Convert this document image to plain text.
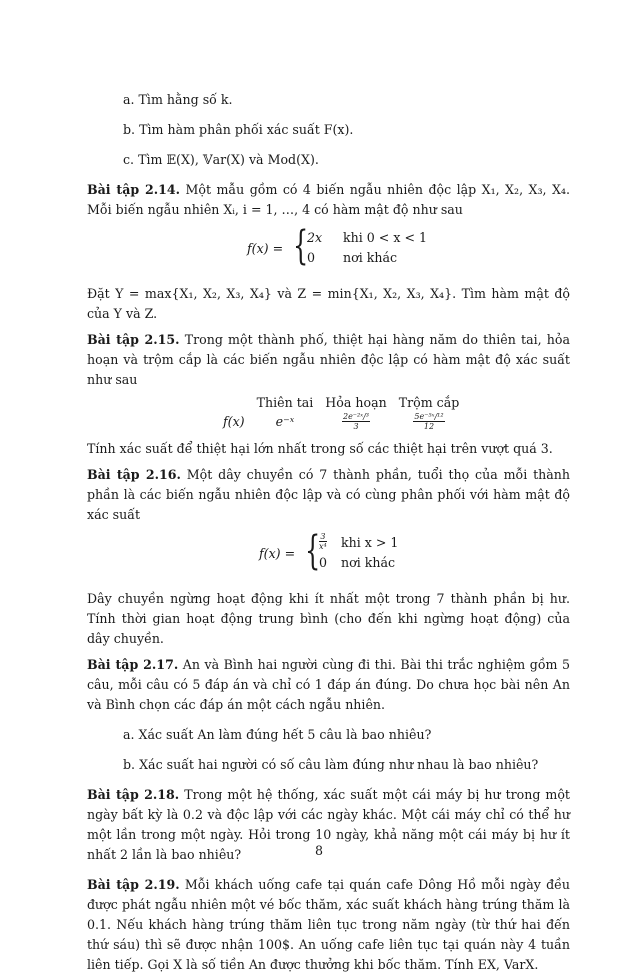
a. Tìm hằng số k.

b. Tìm hàm phân phối xác suất F(x).

c. Tìm 𝔼(X), 𝕍ar(X) và Mod(X).

Bài tập 2.14. Một mẫu gồm có 4 biến ngẫu nhiên độc lập X₁, X₂, X₃, X₄. Mỗi biến ngẫu nhiên Xᵢ, i = 1, …, 4 có hàm mật độ như sau

f(x) = {
2x khi 0 < x < 1
0 nơi khác

Đặt Y = max{X₁, X₂, X₃, X₄} và Z = min{X₁, X₂, X₃, X₄}. Tìm hàm mật độ của Y và Z.

Bài tập 2.15. Trong một thành phố, thiệt hại hàng năm do thiên tai, hỏa hoạn và trộm cắp là các biến ngẫu nhiên độc lập có hàm mật độ xác suất như sau

	Thiên tai	Hỏa hoạn	Trộm cắp
f(x)	e⁻ˣ	$\frac{\text{2e⁻²ˣ/³}}{3}$	$\frac{\text{5e⁻⁵ˣ/¹²}}{12}$

Tính xác suất để thiệt hại lớn nhất trong số các thiệt hại trên vượt quá 3.

Bài tập 2.16. Một dây chuyền có 7 thành phần, tuổi thọ của mỗi thành phần là các biến ngẫu nhiên độc lập và có cùng phân phối với hàm mật độ xác suất

f(x) = {
$\frac{3}{\text{x⁴}}$ khi x > 1
0 nơi khác

Dây chuyền ngừng hoạt động khi ít nhất một trong 7 thành phần bị hư. Tính thời gian hoạt động trung bình (cho đến khi ngừng hoạt động) của dây chuyền.

Bài tập 2.17. An và Bình hai người cùng đi thi. Bài thi trắc nghiệm gồm 5 câu, mỗi câu có 5 đáp án và chỉ có 1 đáp án đúng. Do chưa học bài nên An và Bình chọn các đáp án một cách ngẫu nhiên.

a. Xác suất An làm đúng hết 5 câu là bao nhiêu?

b. Xác suất hai người có số câu làm đúng như nhau là bao nhiêu?

Bài tập 2.18. Trong một hệ thống, xác suất một cái máy bị hư trong một ngày bất kỳ là 0.2 và độc lập với các ngày khác. Một cái máy chỉ có thể hư một lần trong một ngày. Hỏi trong 10 ngày, khả năng một cái máy bị hư ít nhất 2 lần là bao nhiêu?

Bài tập 2.19. Mỗi khách uống cafe tại quán cafe Dông Hồ mỗi ngày đều được phát ngẫu nhiên một vé bốc thăm, xác suất khách hàng trúng thăm là 0.1. Nếu khách hàng trúng thăm liên tục trong năm ngày (từ thứ hai đến thứ sáu) thì sẽ được nhận 100$. An uống cafe liên tục tại quán này 4 tuần liên tiếp. Gọi X là số tiền An được thưởng khi bốc thăm. Tính EX, VarX.

8
